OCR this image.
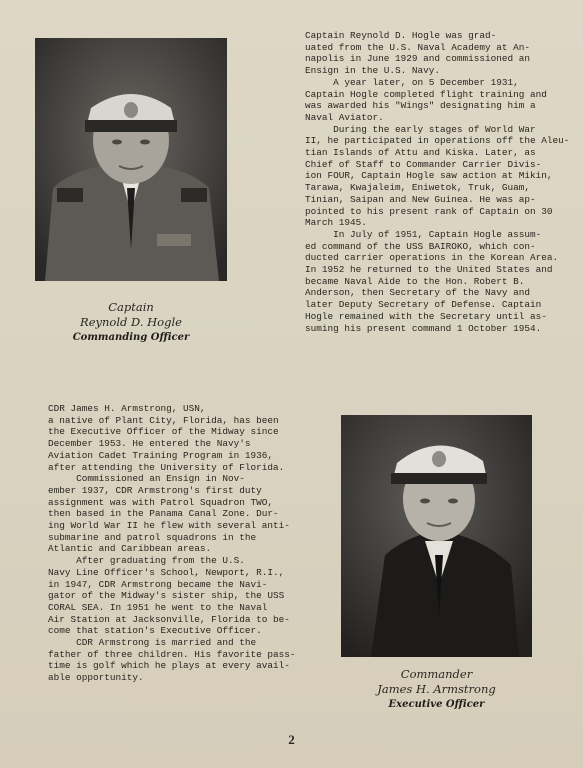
Captain
Reynold D. Hogle
Commanding Officer
Captain Reynold D. Hogle was grad-
uated from the U.S. Naval Academy at An-
napolis in June 1929 and commissioned an
Ensign in the U.S. Navy.
A year later, on 5 December 1931,
Captain Hogle completed flight training and
was awarded his "Wings" designating him a
Naval Aviator.
During the early stages of World War
II, he participated in operations off the Aleu-
tian Islands of Attu and Kiska. Later, as
Chief of Staff to Commander Carrier Divis-
ion FOUR, Captain Hogle saw action at Mikin,
Tarawa, Kwajaleim, Eniwetok, Truk, Guam,
Tinian, Saipan and New Guinea. He was ap-
pointed to his present rank of Captain on 30
March 1945.
In July of 1951, Captain Hogle assum-
ed command of the USS BAIROKO, which con-
ducted carrier operations in the Korean Area.
In 1952 he returned to the United States and
became Naval Aide to the Hon. Robert B.
Anderson, then Secretary of the Navy and
later Deputy Secretary of Defense. Captain
Hogle remained with the Secretary until as-
suming his present command 1 October 1954.
CDR James H. Armstrong, USN,
a native of Plant City, Florida, has been
the Executive Officer of the Midway since
December 1953. He entered the Navy's
Aviation Cadet Training Program in 1936,
after attending the University of Florida.
Commissioned an Ensign in Nov-
ember 1937, CDR Armstrong's first duty
assignment was with Patrol Squadron TWO,
then based in the Panama Canal Zone. Dur-
ing World War II he flew with several anti-
submarine and patrol squadrons in the
Atlantic and Caribbean areas.
After graduating from the U.S.
Navy Line Officer's School, Newport, R.I.,
in 1947, CDR Armstrong became the Navi-
gator of the Midway's sister ship, the USS
CORAL SEA. In 1951 he went to the Naval
Air Station at Jacksonville, Florida to be-
come that station's Executive Officer.
CDR Armstrong is married and the
father of three children. His favorite pass-
time is golf which he plays at every avail-
able opportunity.	Commander
James H. Armstrong
Executive Officer
​
2
